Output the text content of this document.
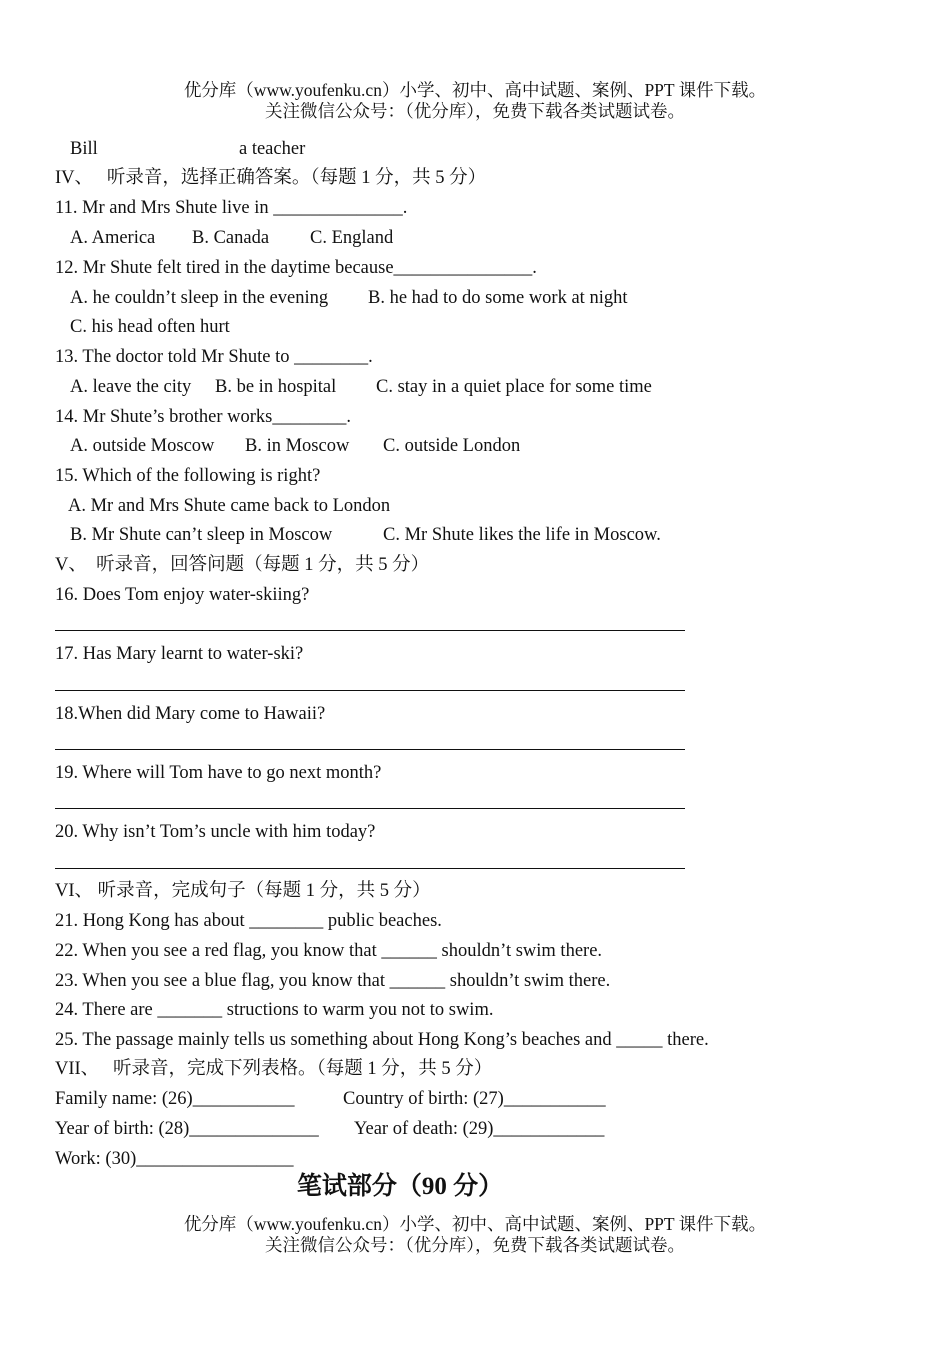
优分库（www.youfenku.cn）小学、初中、高中试题、案例、PPT 课件下载。
关注微信公众号：（优分库），免费下载各类试题试卷。
Bill	a teacher
IV、　 听录音，选择正确答案。（每题 1 分，共 5 分）
11. Mr and Mrs Shute live in ______________.
A. America B. Canada C. England
12. Mr Shute felt tired in the daytime because_______________.
A. he couldn’t sleep in the evening B. he had to do some work at night
C. his head often hurt
13. The doctor told Mr Shute to ________.
A. leave the city B. be in hospital C. stay in a quiet place for some time
14. Mr Shute’s brother works________.
A. outside Moscow B. in Moscow C. outside London
15. Which of the following is right?
A. Mr and Mrs Shute came back to London
B. Mr Shute can’t sleep in Moscow	C. Mr Shute likes the life in Moscow.
V、　听录音，回答问题（每题 1 分，共 5 分）
16. Does Tom enjoy water-skiing?
17. Has Mary learnt to water-ski?
18.When did Mary come to Hawaii?
19. Where will Tom have to go next month?
20. Why isn’t Tom’s uncle with him today?
VI、 听录音，完成句子（每题 1 分，共 5 分）
21. Hong Kong has about ________ public beaches.
22. When you see a red flag, you know that ______ shouldn’t swim there.
23. When you see a blue flag, you know that ______ shouldn’t swim there.
24. There are _______ structions to warm you not to swim.
25. The passage mainly tells us something about Hong Kong’s beaches and _____ there.
VII、　 听录音，完成下列表格。（每题 1 分，共 5 分）
Family name: (26)___________	Country of birth: (27)___________
Year of birth: (28)______________ Year of death: (29)____________
Work: (30)_________________
笔试部分（90 分）
优分库（www.youfenku.cn）小学、初中、高中试题、案例、PPT 课件下载。
关注微信公众号：（优分库），免费下载各类试题试卷。
